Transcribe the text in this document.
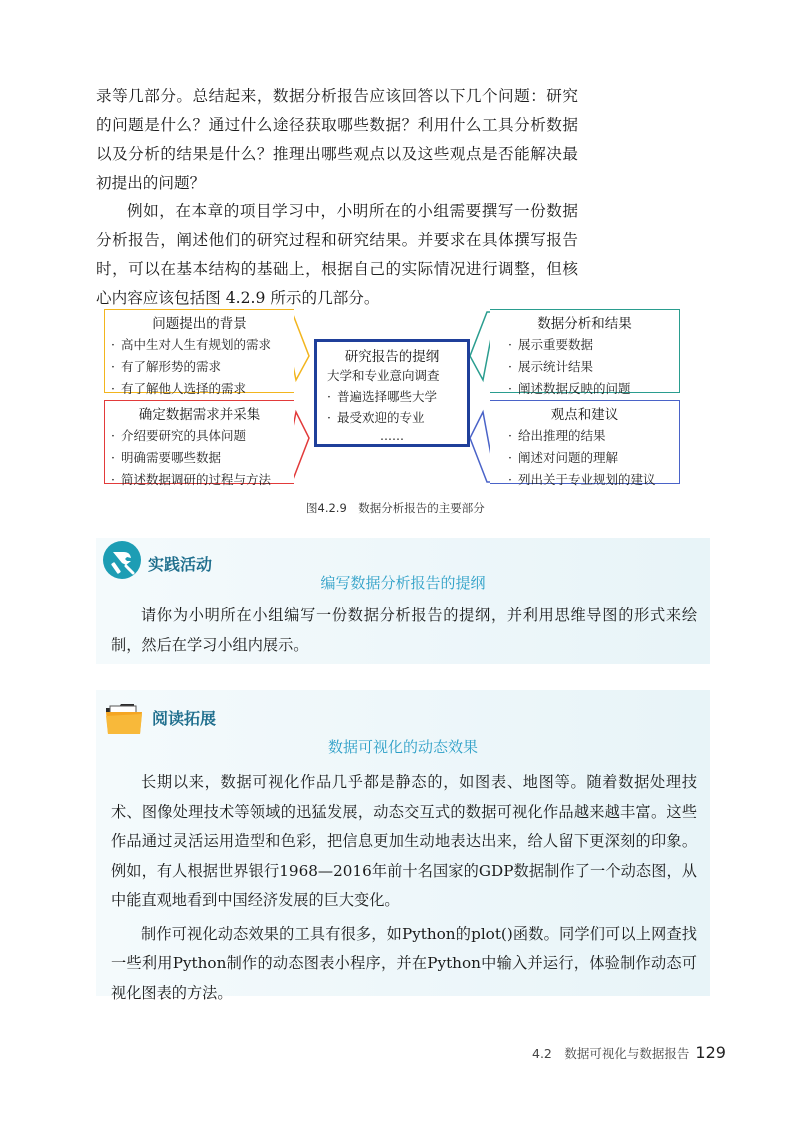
录等几部分。总结起来，数据分析报告应该回答以下几个问题：研究的问题是什么？通过什么途径获取哪些数据？利用什么工具分析数据以及分析的结果是什么？推理出哪些观点以及这些观点是否能解决最初提出的问题？

例如，在本章的项目学习中，小明所在的小组需要撰写一份数据分析报告，阐述他们的研究过程和研究结果。并要求在具体撰写报告时，可以在基本结构的基础上，根据自己的实际情况进行调整，但核心内容应该包括图 4.2.9 所示的几部分。

问题提出的背景
· 高中生对人生有规划的需求
· 有了解形势的需求
· 有了解他人选择的需求
确定数据需求并采集
· 介绍要研究的具体问题
· 明确需要哪些数据
· 简述数据调研的过程与方法
研究报告的提纲
大学和专业意向调查
· 普遍选择哪些大学
· 最受欢迎的专业
……
数据分析和结果
· 展示重要数据
· 展示统计结果
· 阐述数据反映的问题
观点和建议
· 给出推理的结果
· 阐述对问题的理解
· 列出关于专业规划的建议
图4.2.9　数据分析报告的主要部分
实践活动
编写数据分析报告的提纲

请你为小明所在小组编写一份数据分析报告的提纲，并利用思维导图的形式来绘制，然后在学习小组内展示。

阅读拓展
数据可视化的动态效果

长期以来，数据可视化作品几乎都是静态的，如图表、地图等。随着数据处理技术、图像处理技术等领域的迅猛发展，动态交互式的数据可视化作品越来越丰富。这些作品通过灵活运用造型和色彩，把信息更加生动地表达出来，给人留下更深刻的印象。例如，有人根据世界银行1968—2016年前十名国家的GDP数据制作了一个动态图，从中能直观地看到中国经济发展的巨大变化。

制作可视化动态效果的工具有很多，如Python的plot()函数。同学们可以上网查找一些利用Python制作的动态图表小程序，并在Python中输入并运行，体验制作动态可视化图表的方法。

4.2　数据可视化与数据报告 129
